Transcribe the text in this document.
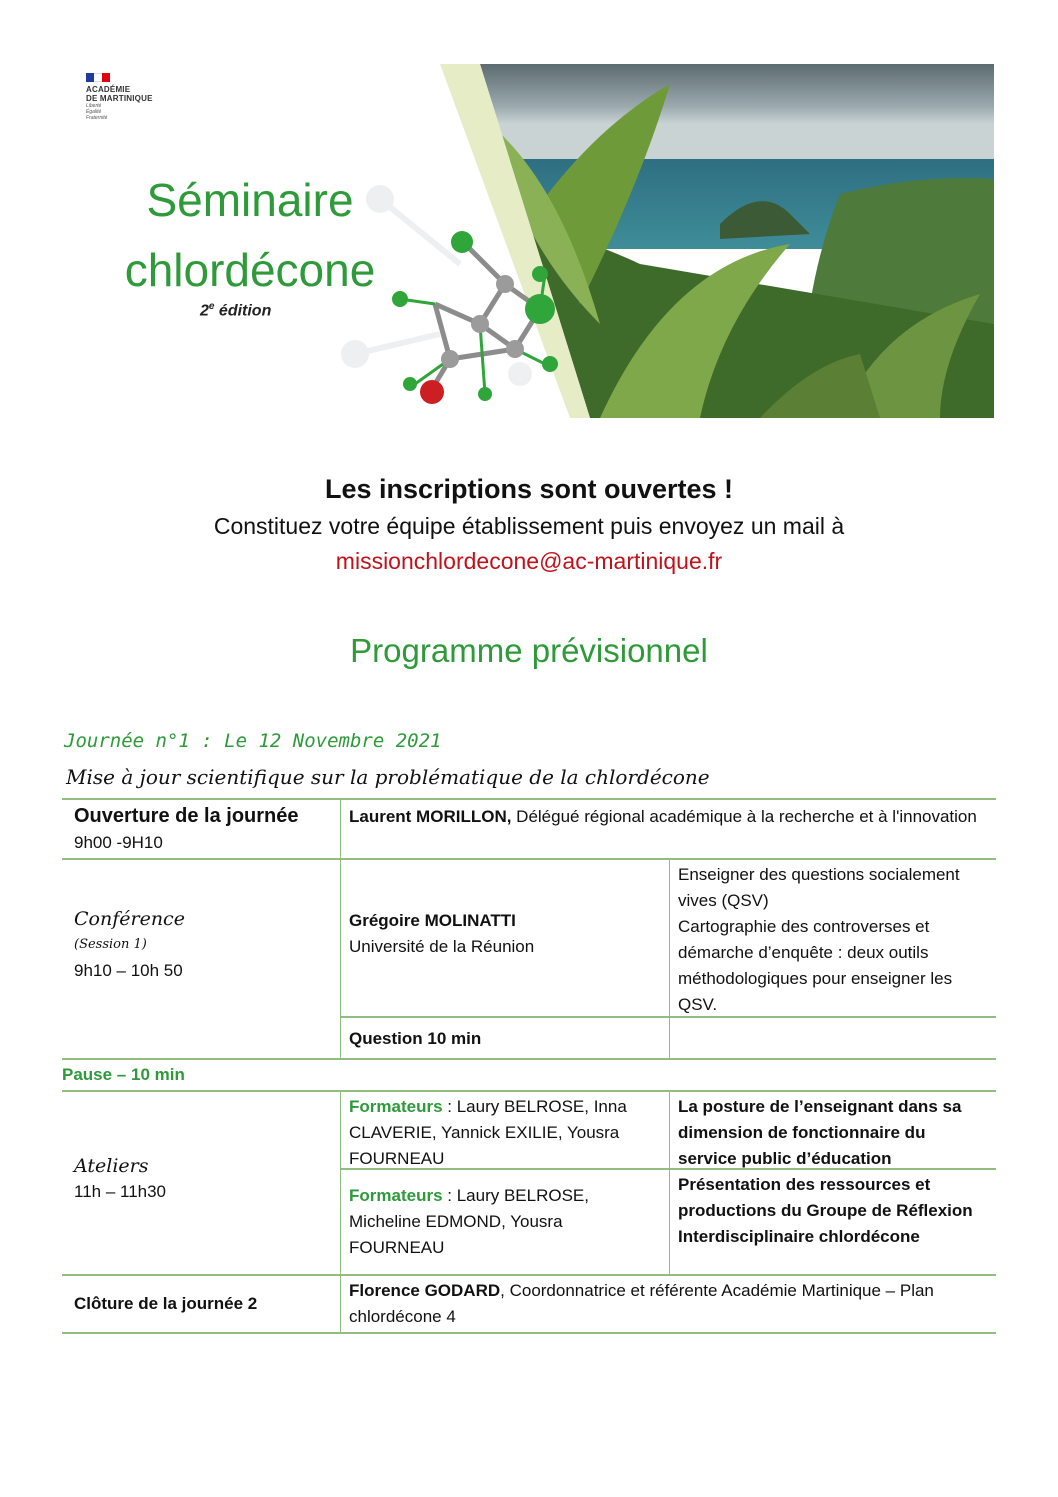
ACADÉMIE
DE MARTINIQUE
Liberté
Égalité
Fraternité
Séminaire
chlordécone
2e édition
Les inscriptions sont ouvertes !
Constituez votre équipe établissement puis envoyez un mail à
missionchlordecone@ac-martinique.fr
Programme prévisionnel
Journée n°1 : Le 12 Novembre 2021
Mise à jour scientifique sur la problématique de la chlordécone
Ouverture de la journée
9h00 -9H10
Laurent MORILLON, Délégué régional académique à la recherche et à l'innovation
Conférence
(Session 1)
9h10 – 10h 50
Grégoire MOLINATTI
Université de la Réunion
Enseigner des questions socialement vives (QSV)
Cartographie des controverses et démarche d’enquête : deux outils méthodologiques pour enseigner les QSV.
Question 10 min
Pause – 10 min
Ateliers
11h – 11h30
Formateurs : Laury BELROSE, Inna CLAVERIE, Yannick EXILIE, Yousra FOURNEAU
La posture de l’enseignant dans sa dimension de fonctionnaire du service public d’éducation
Formateurs : Laury BELROSE, Micheline EDMOND, Yousra FOURNEAU
Présentation des ressources et productions du Groupe de Réflexion Interdisciplinaire chlordécone
Clôture de la journée 2
Florence GODARD, Coordonnatrice et référente Académie Martinique – Plan chlordécone 4
